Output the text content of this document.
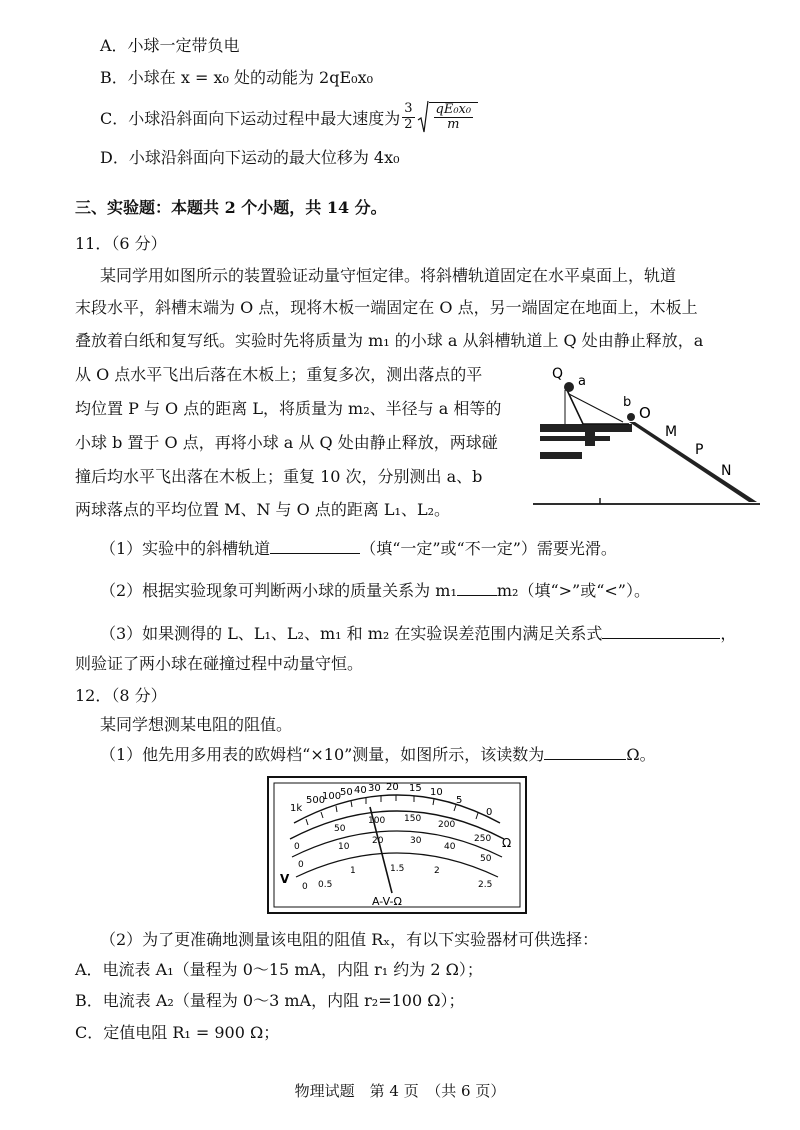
A．小球一定带负电
B．小球在 x = x₀ 处的动能为 2qE₀x₀
C．小球沿斜面向下运动过程中最大速度为 $\frac{3}{2} \frac{\text{qE₀x₀}}{m}$
D．小球沿斜面向下运动的最大位移为 4x₀
三、实验题：本题共 2 个小题，共 14 分。
11．（6 分）
某同学用如图所示的装置验证动量守恒定律。将斜槽轨道固定在水平桌面上，轨道
末段水平，斜槽末端为 O 点，现将木板一端固定在 O 点，另一端固定在地面上，木板上
叠放着白纸和复写纸。实验时先将质量为 m₁ 的小球 a 从斜槽轨道上 Q 处由静止释放，a
从 O 点水平飞出后落在木板上；重复多次，测出落点的平
均位置 P 与 O 点的距离 L，将质量为 m₂、半径与 a 相等的
小球 b 置于 O 点，再将小球 a 从 Q 处由静止释放，两球碰
撞后均水平飞出落在木板上；重复 10 次，分别测出 a、b
两球落点的平均位置 M、N 与 O 点的距离 L₁、L₂。
Q a
b
O
M
P
N
（1）实验中的斜槽轨道	（填“一定”或“不一定”）需要光滑。
（2）根据实验现象可判断两小球的质量关系为 m₁	m₂（填“>”或“<”）。
（3）如果测得的 L、L₁、L₂、m₁ 和 m₂ 在实验误差范围内满足关系式	，
则验证了两小球在碰撞过程中动量守恒。
12．（8 分）
某同学想测某电阻的阻值。
（1）他先用多用表的欧姆档“×10”测量，如图所示，该读数为	Ω。
1k
500
100
50 40 30 20 15 10
5
0
0
50
100 150
200
250
0
10
20	30
40
50
0 0.5
1	1.5	2
2.5
V
Ω
A-V-Ω
（2）为了更准确地测量该电阻的阻值 Rₓ，有以下实验器材可供选择：
A．电流表 A₁（量程为 0～15 mA，内阻 r₁ 约为 2 Ω）；
B．电流表 A₂（量程为 0～3 mA，内阻 r₂=100 Ω）；
C．定值电阻 R₁ = 900 Ω；
物理试题　第 4 页　（共 6 页）
